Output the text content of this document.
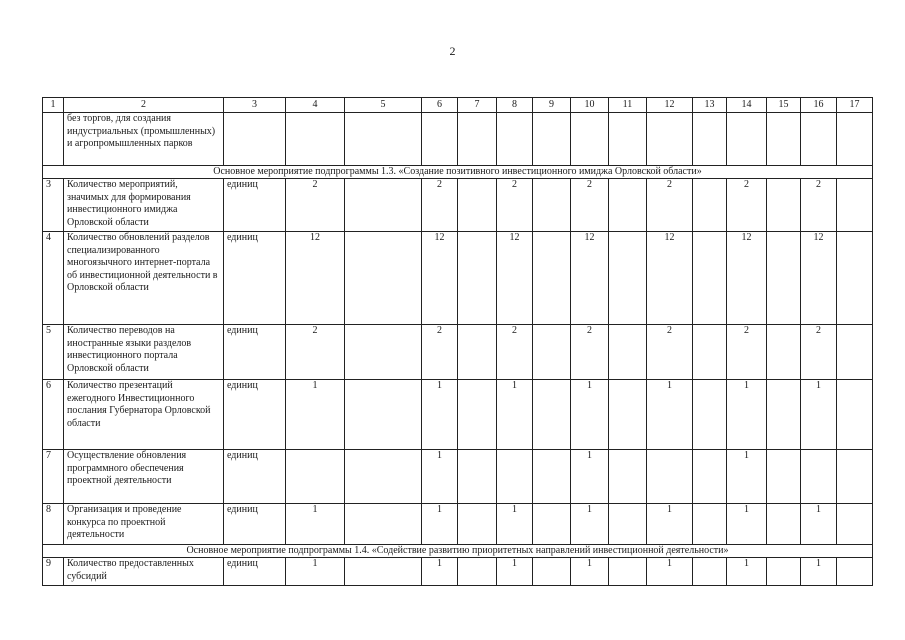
2
1	2	3	4	5	6	7	8	9	10	11	12	13	14	15	16	17
	без торгов, для создания индустриальных (промышленных) и агропромышленных парков															
Основное мероприятие подпрограммы 1.3. «Создание позитивного инвестиционного имиджа Орловской области»																
3	Количество мероприятий, значимых для формирования инвестиционного имиджа Орловской области	единиц	2		2		2		2		2		2		2	
4	Количество обновлений разделов специализированного многоязычного интернет-портала об инвестиционной деятельности в Орловской области	единиц	12		12		12		12		12		12		12	
5	Количество переводов на иностранные языки разделов инвестиционного портала Орловской области	единиц	2		2		2		2		2		2		2	
6	Количество презентаций ежегодного Инвестиционного послания Губернатора Орловской области	единиц	1		1		1		1		1		1		1	
7	Осуществление обновления программного обеспечения проектной деятельности	единиц			1				1				1			
8	Организация и проведение конкурса по проектной деятельности	единиц	1		1		1		1		1		1		1	
Основное мероприятие подпрограммы 1.4. «Содействие развитию приоритетных направлений инвестиционной деятельности»																
9	Количество предоставленных субсидий	единиц	1		1		1		1		1		1		1	
